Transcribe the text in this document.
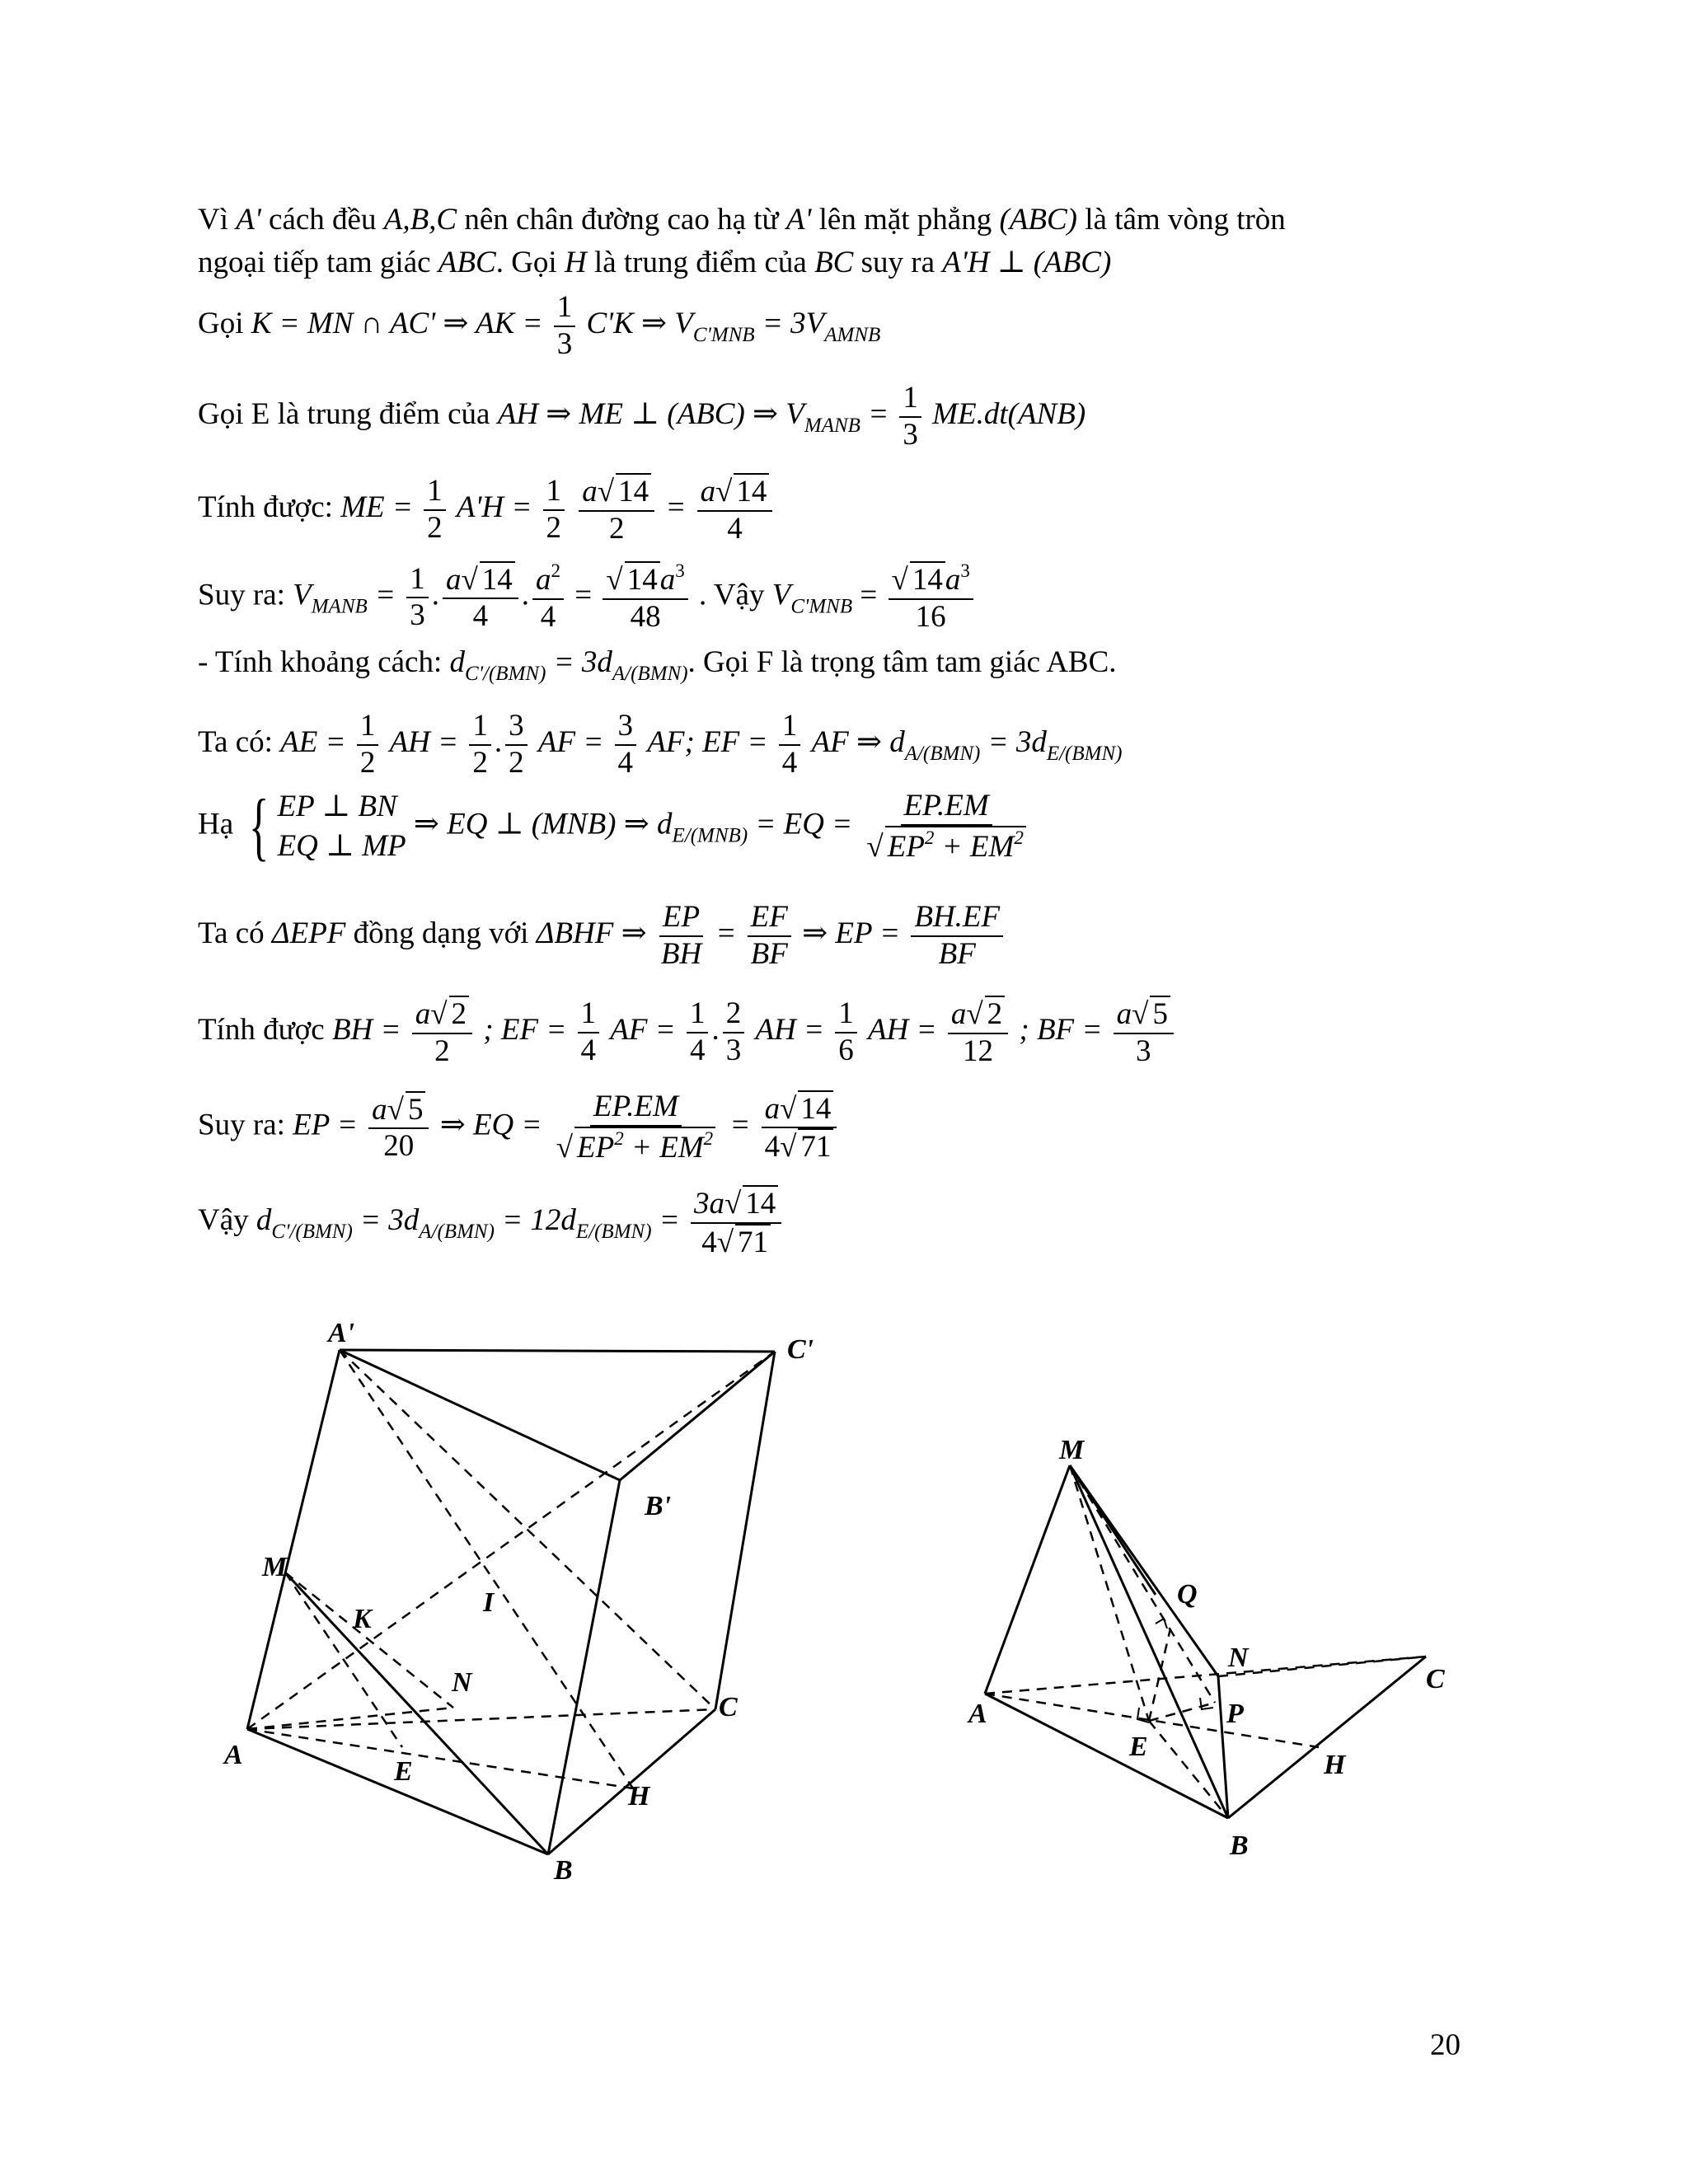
Vì A' cách đều A,B,C nên chân đường cao hạ từ A' lên mặt phẳng (ABC) là tâm vòng tròn
ngoại tiếp tam giác ABC. Gọi H là trung điểm của BC suy ra A'H ⊥ (ABC)
Gọi K = MN ∩ AC' ⇒ AK = $\frac{1}{3} C'K$ ⇒ $V_{C'MNB} = 3V_{AMNB}$
Gọi E là trung điểm của AH ⇒ ME ⊥ (ABC) ⇒ $V_{MANB} = \frac{1}{3} ME.dt(ANB)$
Tính được: ME = $\frac{1}{2} A'H = \frac{1}{2}$
$\frac{a√ 14}{2} = \frac{a√ 14}{4}$
Suy ra: $V_{MANB} = \frac{1}{3}$ . $\frac{a√ 14}{4}$ . $\frac{a^2}{4} = \frac{√ 14a^3}{48}$ . Vậy $V_{C'MNB} = \frac{√ 14a^3}{16}$
- Tính khoảng cách: $d_{C'/(BMN)} = 3d_{A/(BMN)}$. Gọi F là trọng tâm tam giác ABC.
Ta có: AE = $\frac{1}{2}$ AH = $\frac{1}{2}$ . $\frac{3}{2}$ AF = $\frac{3}{4}$ AF; EF = $\frac{1}{4}$ AF ⇒ $d_{A/(BMN)} = 3d_{E/(BMN)}$
Hạ { EP ⊥ BN
EQ ⊥ MP
⇒ EQ ⊥ (MNB) ⇒ $d_{E/(MNB)}$ = EQ = $\frac{EP.EM}{√ EP^2 + EM^2}$
Ta có ΔEPF đồng dạng với ΔBHF ⇒ $\frac{EP}{BH} = \frac{EF}{BF}$ ⇒ EP = $\frac{BH.EF}{BF}$
Tính được BH = $\frac{a√ 2}{2}$ ; EF = $\frac{1}{4}$ AF = $\frac{1}{4}$ . $\frac{2}{3}$ AH = $\frac{1}{6}$ AH = $\frac{a√ 2}{12}$ ; BF = $\frac{a√ 5}{3}$
Suy ra: EP = $\frac{a√ 5}{20}$ ⇒ EQ = $\frac{EP.EM}{√ EP^2 + EM^2} = \frac{a√ 14}{4√ 71}$
Vậy $d_{C'/(BMN)} = 3d_{A/(BMN)} = 12d_{E/(BMN)} = \frac{3a√ 14}{4√ 71}$
A'
C'
B'
M
K
I
N
C
A
E
H
B
M
Q
N
C
A
E
P
H
B
20
